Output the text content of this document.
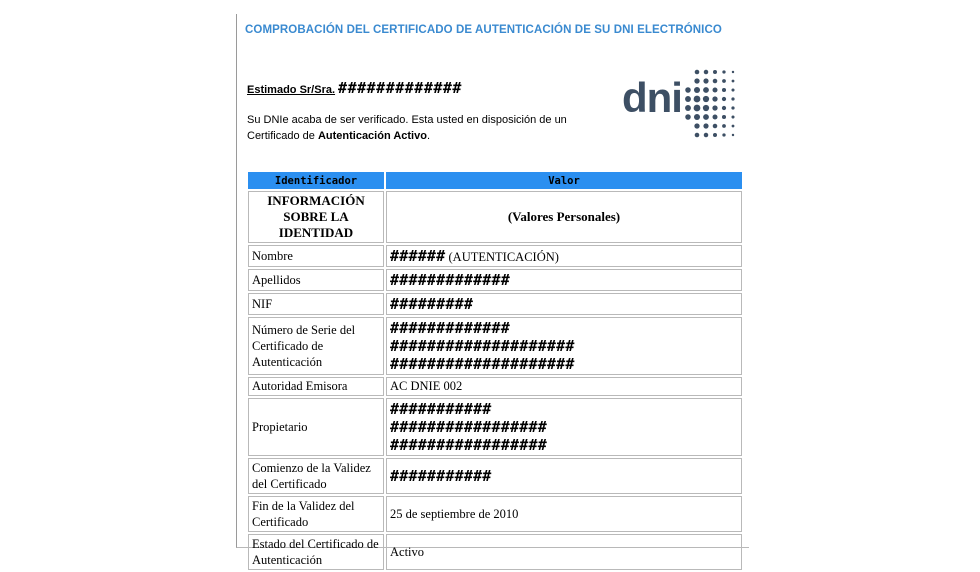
COMPROBACIÓN DEL CERTIFICADO DE AUTENTICACIÓN DE SU DNI ELECTRÓNICO
Estimado Sr/Sra. #############
Su DNIe acaba de ser verificado. Esta usted en disposición de un Certificado de Autenticación Activo.
dni
Identificador	Valor
INFORMACIÓN SOBRE LA IDENTIDAD	(Valores Personales)
Nombre	###### (AUTENTICACIÓN)
Apellidos	#############
NIF	#########
Número de Serie del Certificado de Autenticación	#############
####################
####################

Autoridad Emisora	AC DNIE 002
Propietario	###########
#################
#################

Comienzo de la Validez del Certificado	###########
Fin de la Validez del Certificado	25 de septiembre de 2010
Estado del Certificado de Autenticación	Activo
